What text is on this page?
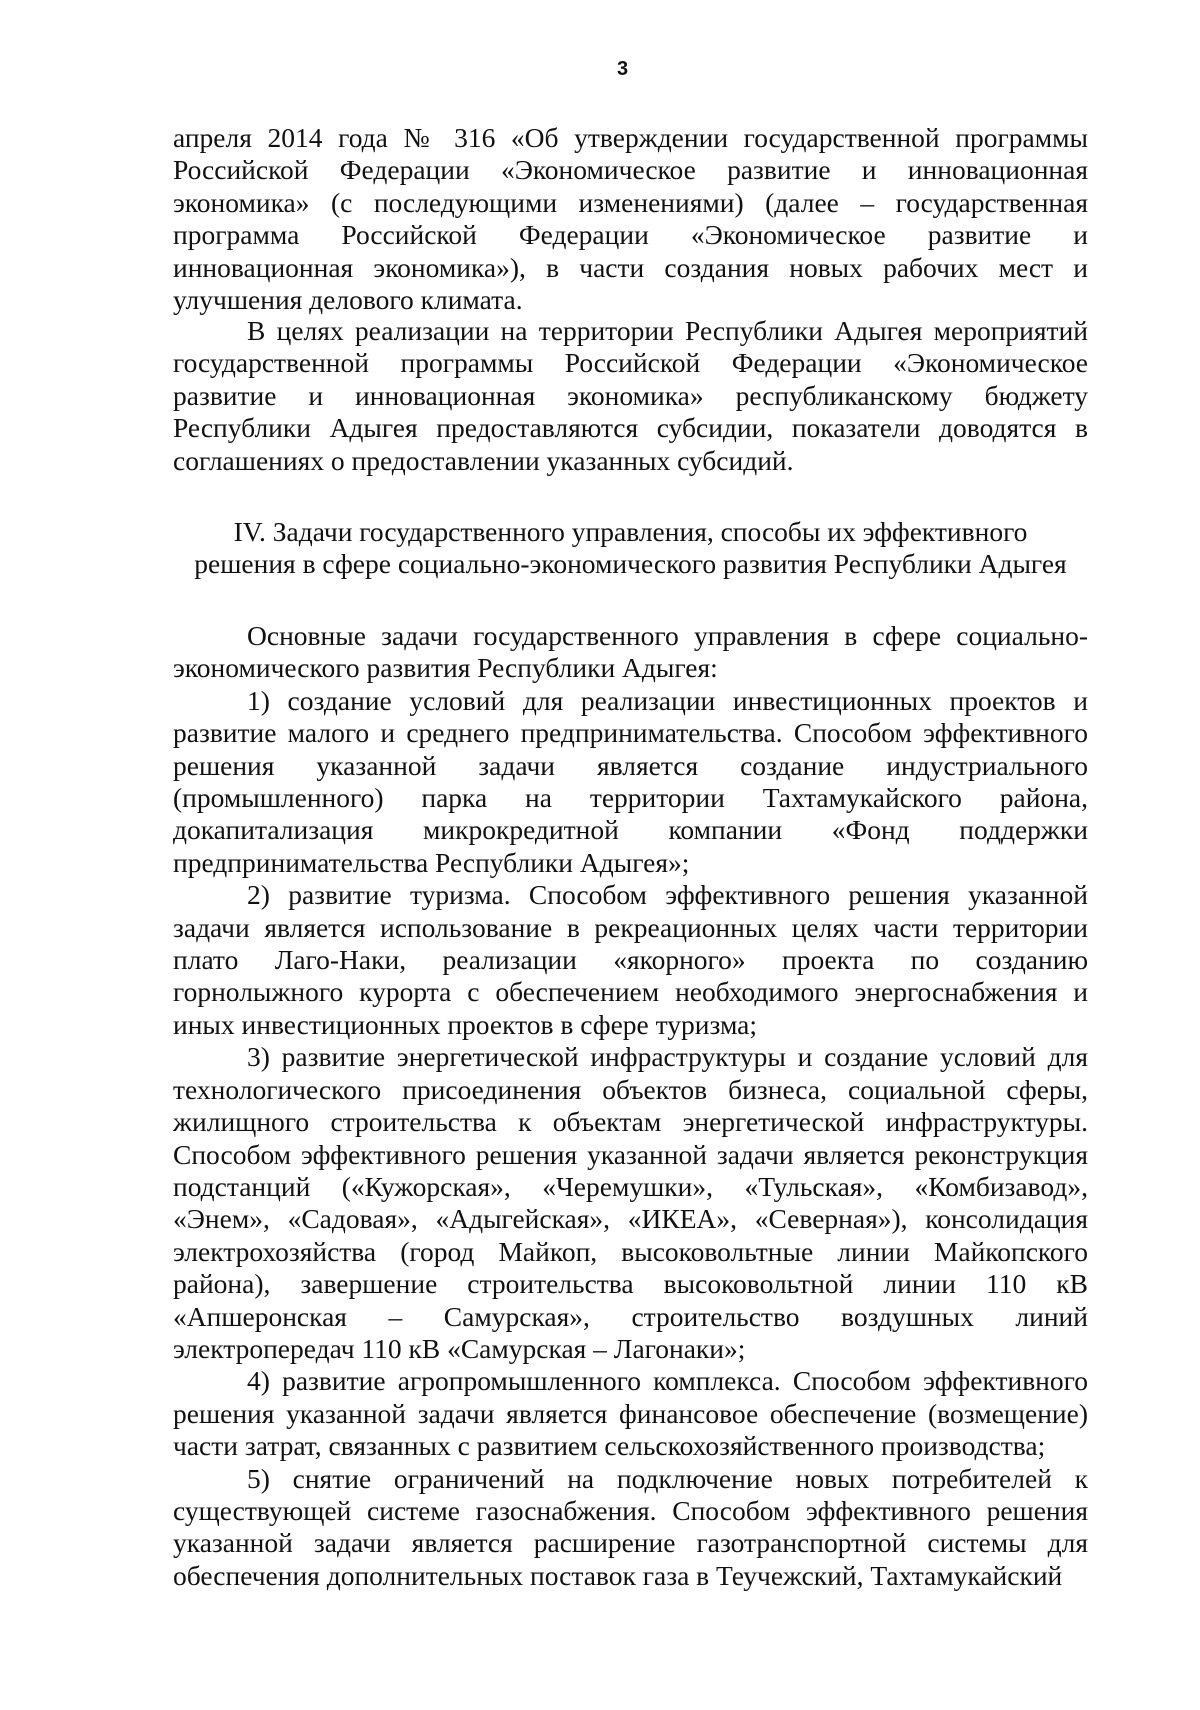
3

апреля 2014 года № 316 «Об утверждении государственной программы Российской Федерации «Экономическое развитие и инновационная экономика» (с последующими изменениями) (далее – государственная программа Российской Федерации «Экономическое развитие и инновационная экономика»), в части создания новых рабочих мест и улучшения делового климата.

В целях реализации на территории Республики Адыгея мероприятий государственной программы Российской Федерации «Экономическое развитие и инновационная экономика» республиканскому бюджету Республики Адыгея предоставляются субсидии, показатели доводятся в соглашениях о предоставлении указанных субсидий.

IV. Задачи государственного управления, способы их эффективного
решения в сфере социально-экономического развития Республики Адыгея

Основные задачи государственного управления в сфере социально-экономического развития Республики Адыгея:

1) создание условий для реализации инвестиционных проектов и развитие малого и среднего предпринимательства. Способом эффективного решения указанной задачи является создание индустриального (промышленного) парка на территории Тахтамукайского района, докапитализация микрокредитной компании «Фонд поддержки предпринимательства Республики Адыгея»;

2) развитие туризма. Способом эффективного решения указанной задачи является использование в рекреационных целях части территории плато Лаго-Наки, реализации «якорного» проекта по созданию горнолыжного курорта с обеспечением необходимого энергоснабжения и иных инвестиционных проектов в сфере туризма;

3) развитие энергетической инфраструктуры и создание условий для технологического присоединения объектов бизнеса, социальной сферы, жилищного строительства к объектам энергетической инфраструктуры. Способом эффективного решения указанной задачи является реконструкция подстанций («Кужорская», «Черемушки», «Тульская», «Комбизавод», «Энем», «Садовая», «Адыгейская», «ИКЕА», «Северная»), консолидация электрохозяйства (город Майкоп, высоковольтные линии Майкопского района), завершение строительства высоковольтной линии 110 кВ «Апшеронская – Самурская», строительство воздушных линий электропередач 110 кВ «Самурская – Лагонаки»;

4) развитие агропромышленного комплекса. Способом эффективного решения указанной задачи является финансовое обеспечение (возмещение) части затрат, связанных с развитием сельскохозяйственного производства;

5) снятие ограничений на подключение новых потребителей к существующей системе газоснабжения. Способом эффективного решения указанной задачи является расширение газотранспортной системы для обеспечения дополнительных поставок газа в Теучежский, Тахтамукайский
